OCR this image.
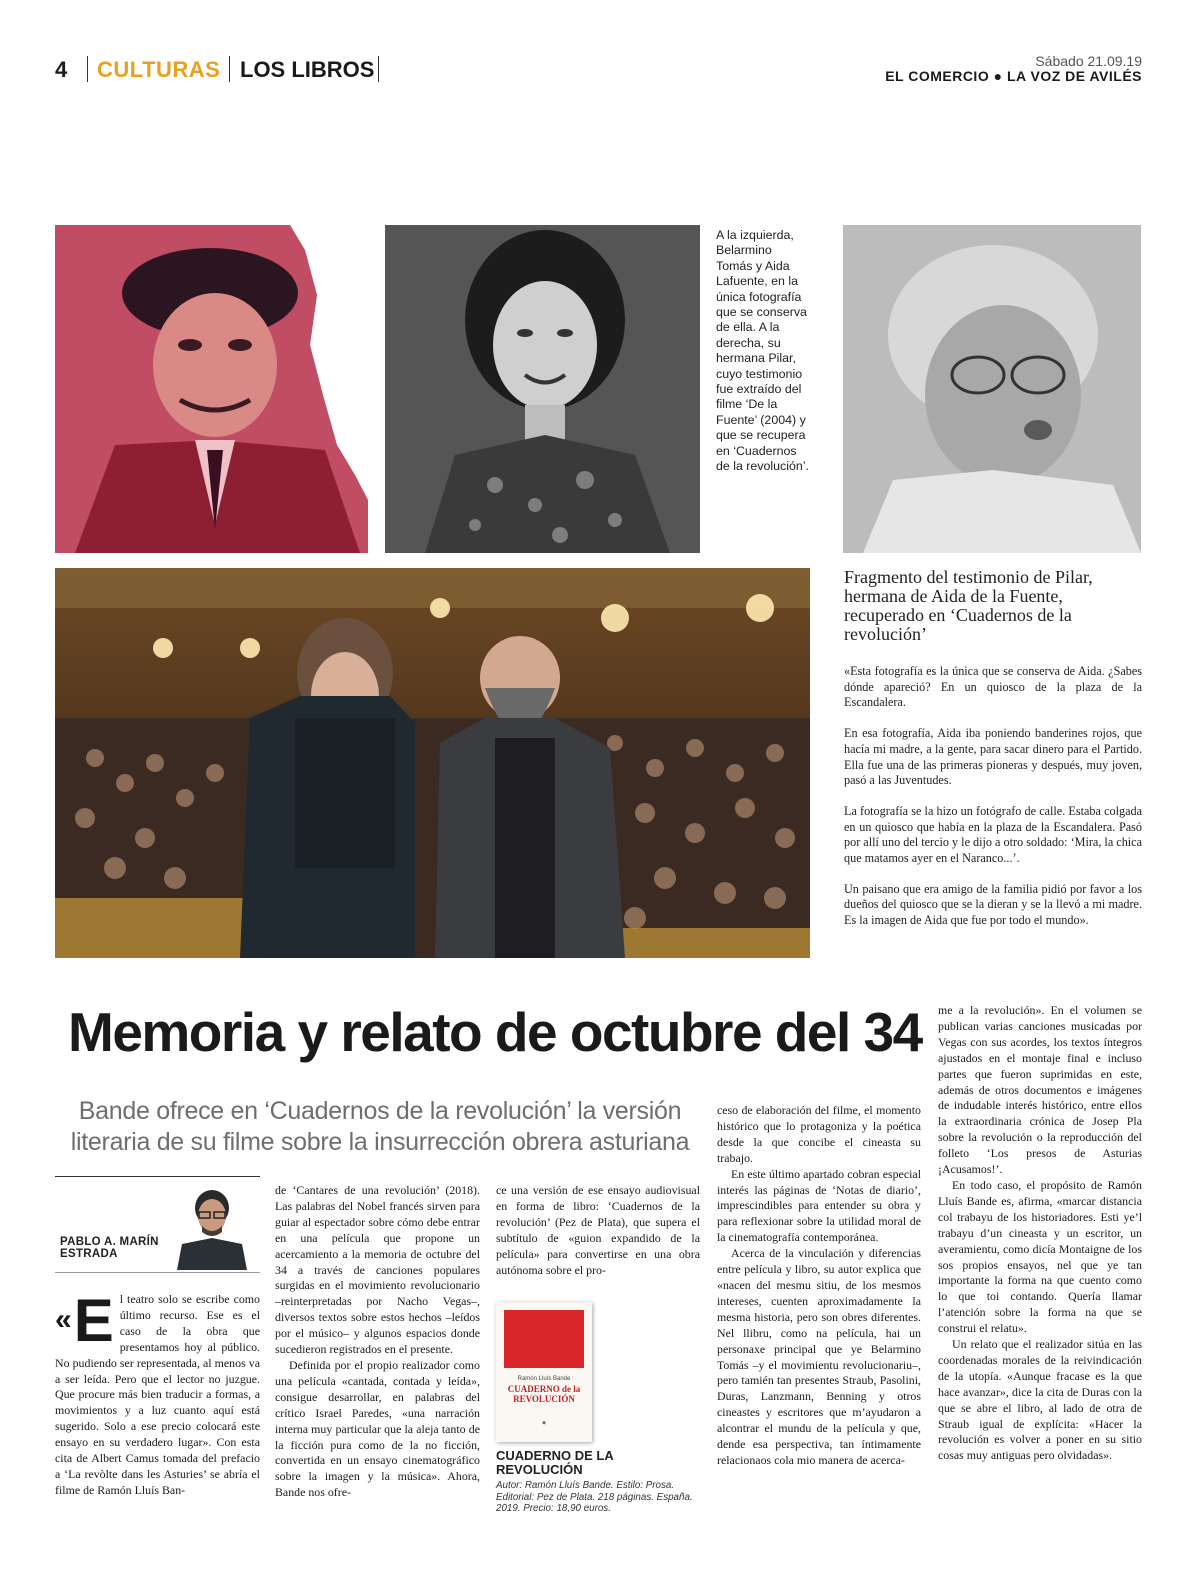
4 CULTURAS LOS LIBROS	Sábado 21.09.19
EL COMERCIO ● LA VOZ DE AVILÉS
A la izquierda, Belarmino Tomás y Aida Lafuente, en la única fotografía que se conserva de ella. A la derecha, su hermana Pilar, cuyo testimonio fue extraído del filme ‘De la Fuente’ (2004) y que se recupera en ‘Cuadernos de la revolución’.
Nacho Vegas y Ramón Lluís Bande, durante la presentación de la película que ahora se convierte en libro. :: DAMIÁN ARIENZA
Fragmento del testimonio de Pilar, hermana de Aida de la Fuente, recuperado en ‘Cuadernos de la revolución’

«Esta fotografía es la única que se conserva de Aida. ¿Sabes dónde apareció? En un quiosco de la plaza de la Escandalera.

En esa fotografía, Aida iba poniendo banderines rojos, que hacía mi madre, a la gente, para sacar dinero para el Partido. Ella fue una de las primeras pioneras y después, muy joven, pasó a las Juventudes.

La fotografía se la hizo un fotógrafo de calle. Estaba colgada en un quiosco que había en la plaza de la Escandalera. Pasó por allí uno del tercio y le dijo a otro soldado: ‘Mira, la chica que matamos ayer en el Naranco...’.

Un paisano que era amigo de la familia pidió por favor a los dueños del quiosco que se la dieran y se la llevó a mi madre. Es la imagen de Aida que fue por todo el mundo».

Memoria y relato de octubre del 34
Bande ofrece en ‘Cuadernos de la revolución’ la versión literaria de su filme sobre la insurrección obrera asturiana
PABLO A. MARÍN
ESTRADA

«E l teatro solo se escribe como último recurso. Ese es el caso de la obra que presentamos hoy al público. No pudiendo ser representada, al menos va a ser leída. Pero que el lector no juzgue. Que procure más bien traducir a formas, a movimientos y a luz cuanto aquí está sugerido. Solo a ese precio colocará este ensayo en su verdadero lugar». Con esta cita de Albert Camus tomada del prefacio a ‘La revòlte dans les Asturies’ se abría el filme de Ramón Lluís Ban-

de ‘Cantares de una revolución’ (2018). Las palabras del Nobel francés sirven para guiar al espectador sobre cómo debe entrar en una película que propone un acercamiento a la memoria de octubre del 34 a través de canciones populares surgidas en el movimiento revolucionario –reinterpretadas por Nacho Vegas–, diversos textos sobre estos hechos –leídos por el músico– y algunos espacios donde sucedieron registrados en el presente.

Definida por el propio realizador como una película «cantada, contada y leída», consigue desarrollar, en palabras del crítico Israel Paredes, «una narración interna muy particular que la aleja tanto de la ficción pura como de la no ficción, convertida en un ensayo cinematográfico sobre la imagen y la música». Ahora, Bande nos ofre-

ce una versión de ese ensayo audiovisual en forma de libro: ‘Cuadernos de la revolución’ (Pez de Plata), que supera el subtítulo de «guion expandido de la película» para convertirse en una obra autónoma sobre el pro-

Ramón Lluís Bande
CUADERNO de la REVOLUCIÓN
◆
CUADERNO DE LA REVOLUCIÓN
Autor: Ramón Lluís Bande. Estilo: Prosa. Editorial: Pez de Plata. 218 páginas. España. 2019. Precio: 18,90 euros.

ceso de elaboración del filme, el momento histórico que lo protagoniza y la poética desde la que concibe el cineasta su trabajo.

En este último apartado cobran especial interés las páginas de ‘Notas de diario’, imprescindibles para entender su obra y para reflexionar sobre la utilidad moral de la cinematografía contemporánea.

Acerca de la vinculación y diferencias entre película y libro, su autor explica que «nacen del mesmu sitiu, de los mesmos intereses, cuenten aproximadamente la mesma historia, pero son obres diferentes. Nel llibru, como na película, hai un personaxe principal que ye Belarmino Tomás –y el movimientu revolucionariu–, pero tamién tan presentes Straub, Pasolini, Duras, Lanzmann, Benning y otros cineastes y escritores que m’ayudaron a alcontrar el mundu de la película y que, dende esa perspectiva, tan íntimamente relacionaos cola mio manera de acerca-

me a la revolución». En el volumen se publican varias canciones musicadas por Vegas con sus acordes, los textos íntegros ajustados en el montaje final e incluso partes que fueron suprimidas en este, además de otros documentos e imágenes de indudable interés histórico, entre ellos la extraordinaria crónica de Josep Pla sobre la revolución o la reproducción del folleto ‘Los presos de Asturias ¡Acusamos!’.

En todo caso, el propósito de Ramón Lluís Bande es, afirma, «marcar distancia col trabayu de los historiadores. Esti ye’l trabayu d’un cineasta y un escritor, un averamientu, como dicía Montaigne de los sos propios ensayos, nel que ye tan importante la forma na que cuento como lo que toi contando. Quería llamar l’atención sobre la forma na que se construi el relatu».

Un relato que el realizador sitúa en las coordenadas morales de la reivindicación de la utopía. «Aunque fracase es la que hace avanzar», dice la cita de Duras con la que se abre el libro, al lado de otra de Straub igual de explícita: «Hacer la revolución es volver a poner en su sitio cosas muy antiguas pero olvidadas».
